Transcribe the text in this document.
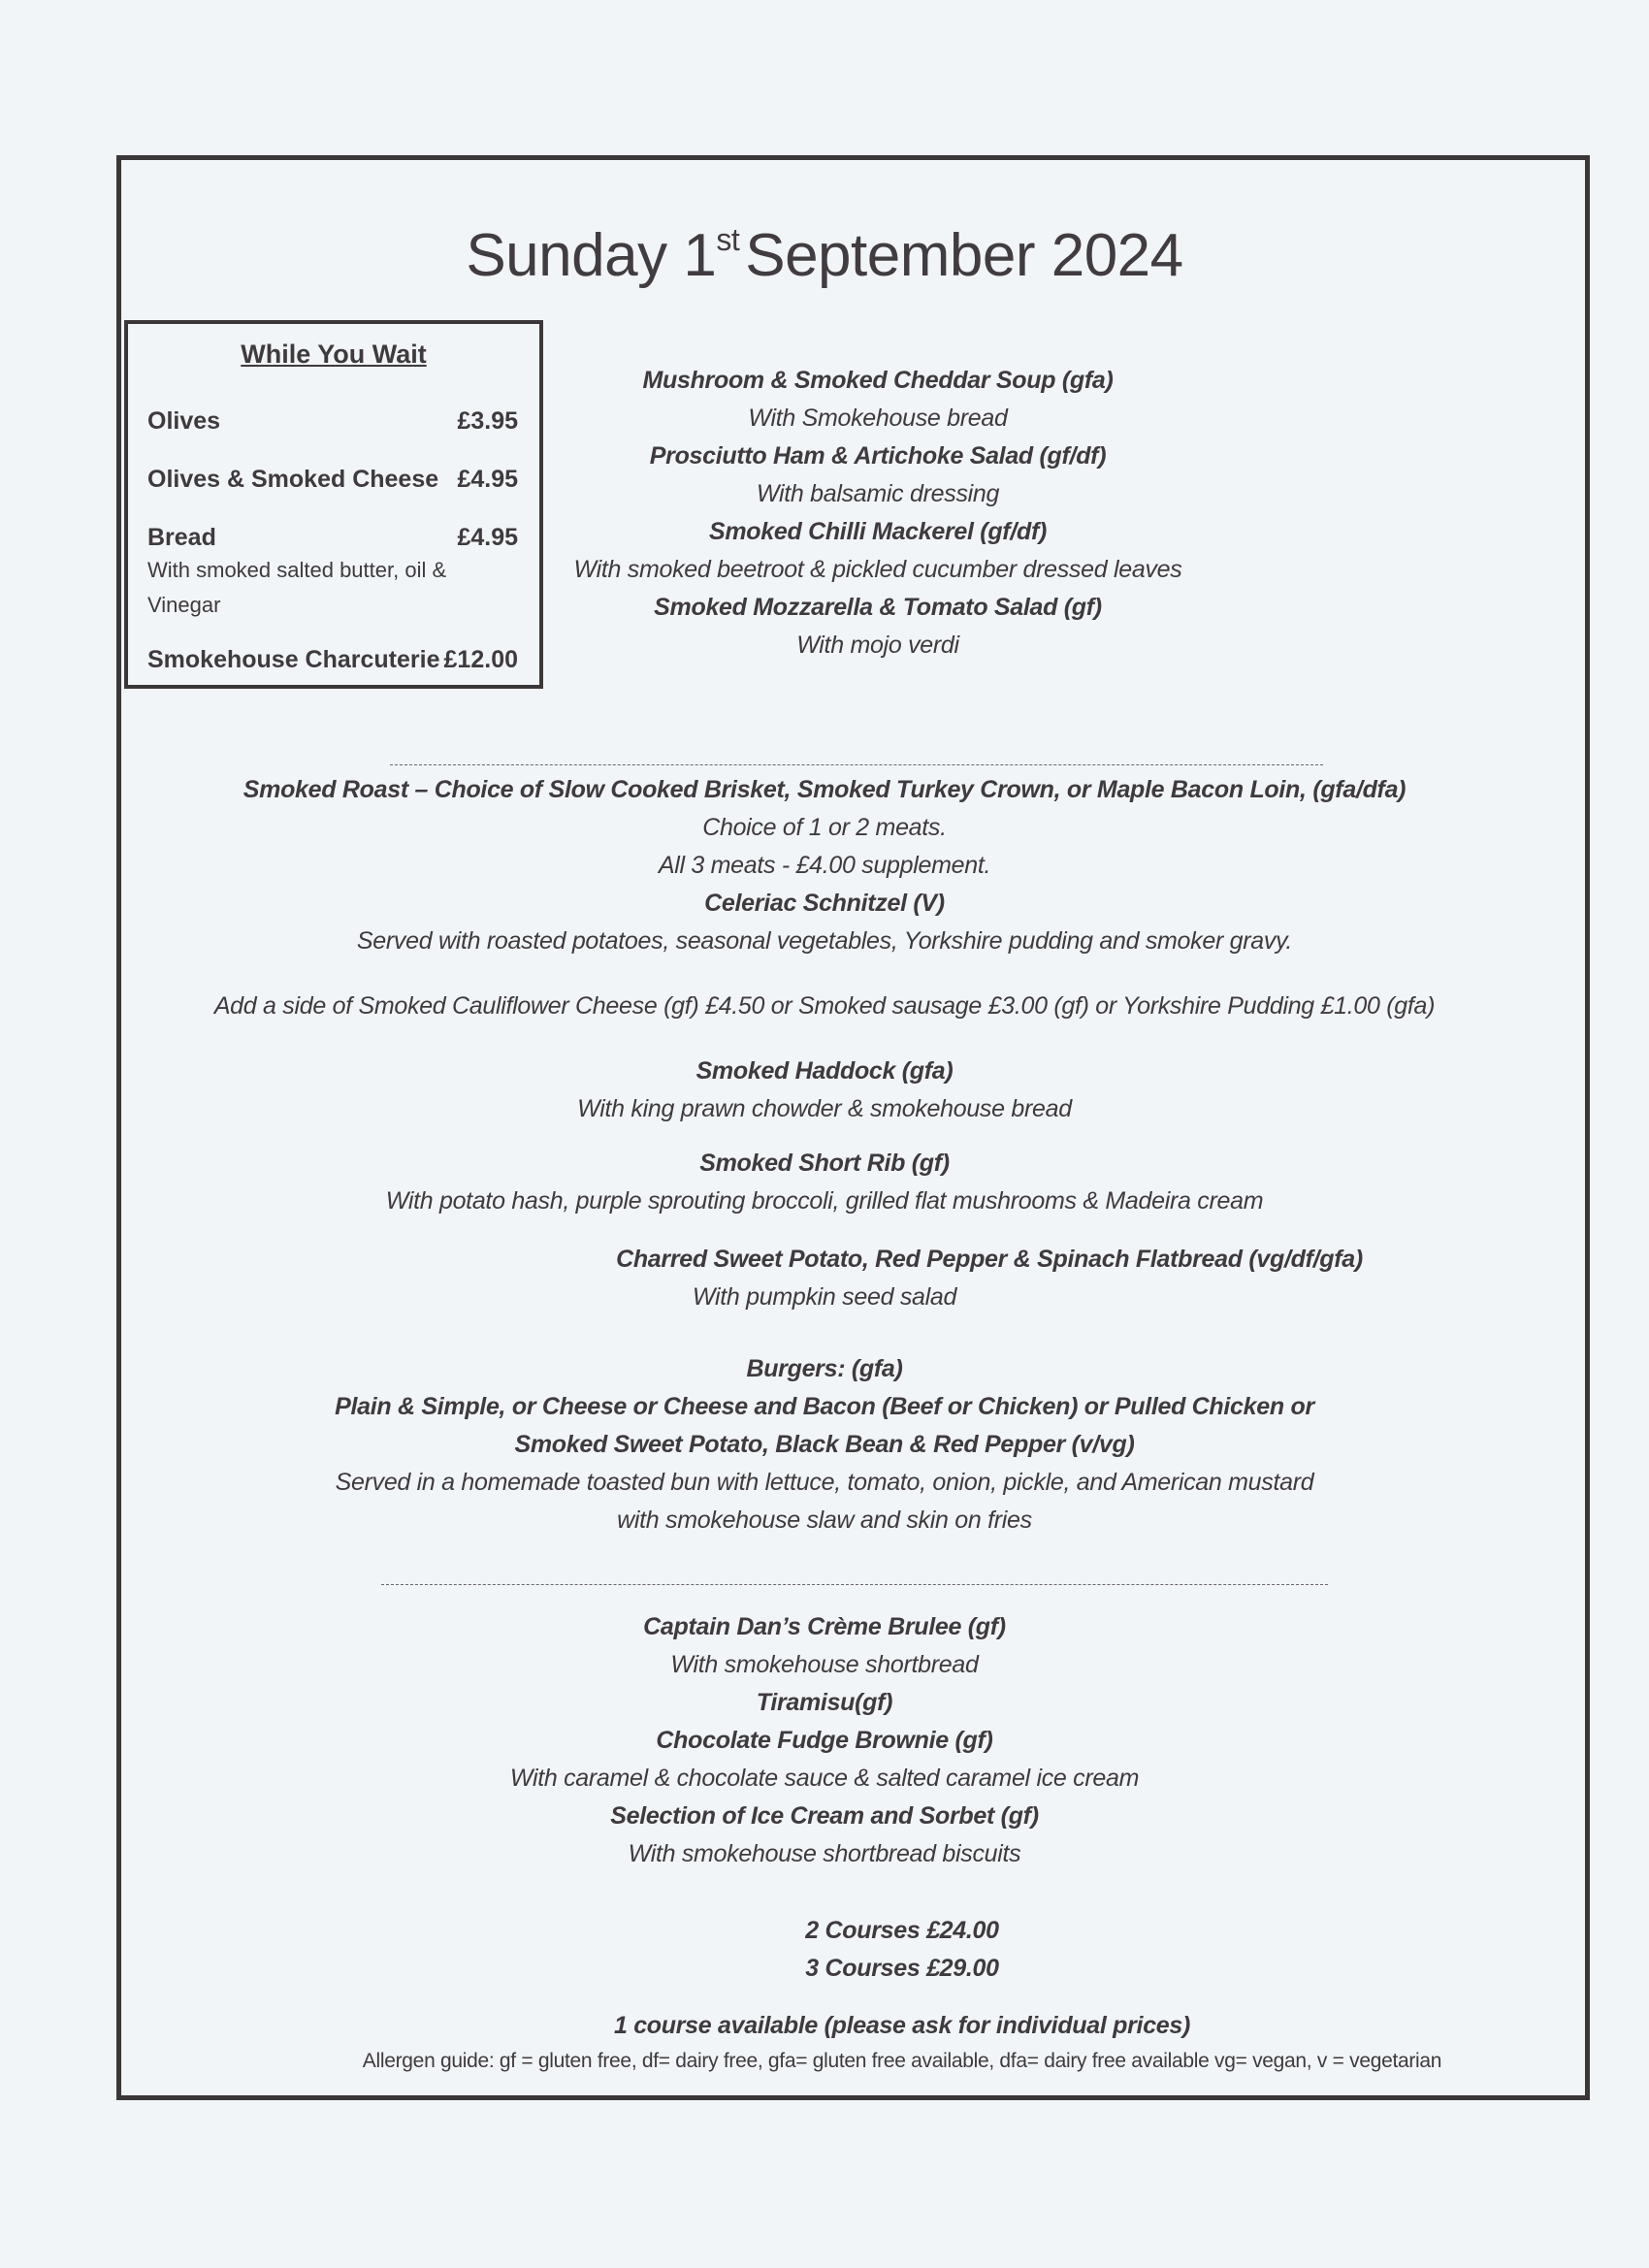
Sunday 1stSeptember 2024
While You Wait
Olives	£3.95
Olives & Smoked Cheese £4.95
Bread	£4.95
With smoked salted butter, oil & Vinegar
Smokehouse Charcuterie £12.00
Mushroom & Smoked Cheddar Soup (gfa)
With Smokehouse bread
Prosciutto Ham & Artichoke Salad (gf/df)
With balsamic dressing
Smoked Chilli Mackerel (gf/df)
With smoked beetroot & pickled cucumber dressed leaves
Smoked Mozzarella & Tomato Salad (gf)
With mojo verdi
Smoked Roast – Choice of Slow Cooked Brisket, Smoked Turkey Crown, or Maple Bacon Loin, (gfa/dfa)
Choice of 1 or 2 meats.
All 3 meats - £4.00 supplement.
Celeriac Schnitzel (V)
Served with roasted potatoes, seasonal vegetables, Yorkshire pudding and smoker gravy.
Add a side of Smoked Cauliflower Cheese (gf) £4.50 or Smoked sausage £3.00 (gf) or Yorkshire Pudding £1.00 (gfa)
Smoked Haddock (gfa)
With king prawn chowder & smokehouse bread
Smoked Short Rib (gf)
With potato hash, purple sprouting broccoli, grilled flat mushrooms & Madeira cream
Charred Sweet Potato, Red Pepper & Spinach Flatbread (vg/df/gfa)
With pumpkin seed salad
Burgers: (gfa)
Plain & Simple, or Cheese or Cheese and Bacon (Beef or Chicken) or Pulled Chicken or
Smoked Sweet Potato, Black Bean & Red Pepper (v/vg)
Served in a homemade toasted bun with lettuce, tomato, onion, pickle, and American mustard
with smokehouse slaw and skin on fries
Captain Dan’s Crème Brulee (gf)
With smokehouse shortbread
Tiramisu(gf)
Chocolate Fudge Brownie (gf)
With caramel & chocolate sauce & salted caramel ice cream
Selection of Ice Cream and Sorbet (gf)
With smokehouse shortbread biscuits
2 Courses £24.00
3 Courses £29.00
1 course available (please ask for individual prices)
Allergen guide: gf = gluten free, df= dairy free, gfa= gluten free available, dfa= dairy free available vg= vegan, v = vegetarian
